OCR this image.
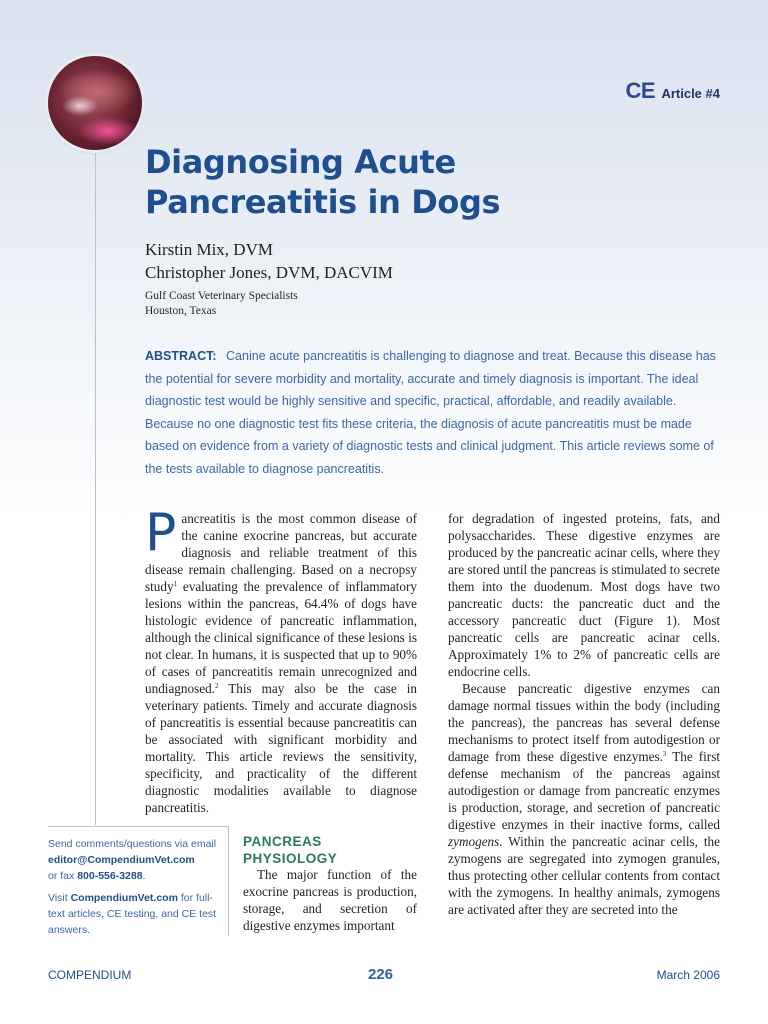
CE Article #4
Diagnosing Acute
Pancreatitis in Dogs
Kirstin Mix, DVM
Christopher Jones, DVM, DACVIM
Gulf Coast Veterinary Specialists
Houston, Texas
ABSTRACT: Canine acute pancreatitis is challenging to diagnose and treat. Because this disease has the potential for severe morbidity and mortality, accurate and timely diagnosis is important. The ideal diagnostic test would be highly sensitive and specific, practical, affordable, and readily available. Because no one diagnostic test fits these criteria, the diagnosis of acute pancreatitis must be made based on evidence from a variety of diagnostic tests and clinical judgment. This article reviews some of the tests available to diagnose pancreatitis.
Pancreatitis is the most common disease of the canine exocrine pancreas, but accurate diagnosis and reliable treatment of this disease remain challenging. Based on a necropsy study$^1$ evaluating the prevalence of inflammatory lesions within the pancreas, 64.4% of dogs have histologic evidence of pancreatic inflammation, although the clinical significance of these lesions is not clear. In humans, it is suspected that up to 90% of cases of pancreatitis remain unrecognized and undiagnosed.$^2$ This may also be the case in veterinary patients. Timely and accurate diagnosis of pancreatitis is essential because pancreatitis can be associated with significant morbidity and mortality. This article reviews the sensitivity, specificity, and practicality of the different diagnostic modalities available to diagnose pancreatitis.
Send comments/questions via email
editor@CompendiumVet.com
or fax 800-556-3288.
Visit CompendiumVet.com for full-text articles, CE testing, and CE test answers.
PANCREAS
PHYSIOLOGY
The major function of the exocrine pancreas is production, storage, and secretion of digestive enzymes important

for degradation of ingested proteins, fats, and polysaccharides. These digestive enzymes are produced by the pancreatic acinar cells, where they are stored until the pancreas is stimulated to secrete them into the duodenum. Most dogs have two pancreatic ducts: the pancreatic duct and the accessory pancreatic duct (Figure 1). Most pancreatic cells are pancreatic acinar cells. Approximately 1% to 2% of pancreatic cells are endocrine cells.

Because pancreatic digestive enzymes can damage normal tissues within the body (including the pancreas), the pancreas has several defense mechanisms to protect itself from autodigestion or damage from these digestive enzymes.$^3$ The first defense mechanism of the pancreas against autodigestion or damage from pancreatic enzymes is production, storage, and secretion of pancreatic digestive enzymes in their inactive forms, called zymogens. Within the pancreatic acinar cells, the zymogens are segregated into zymogen granules, thus protecting other cellular contents from contact with the zymogens. In healthy animals, zymogens are activated after they are secreted into the

COMPENDIUM	226	March 2006
